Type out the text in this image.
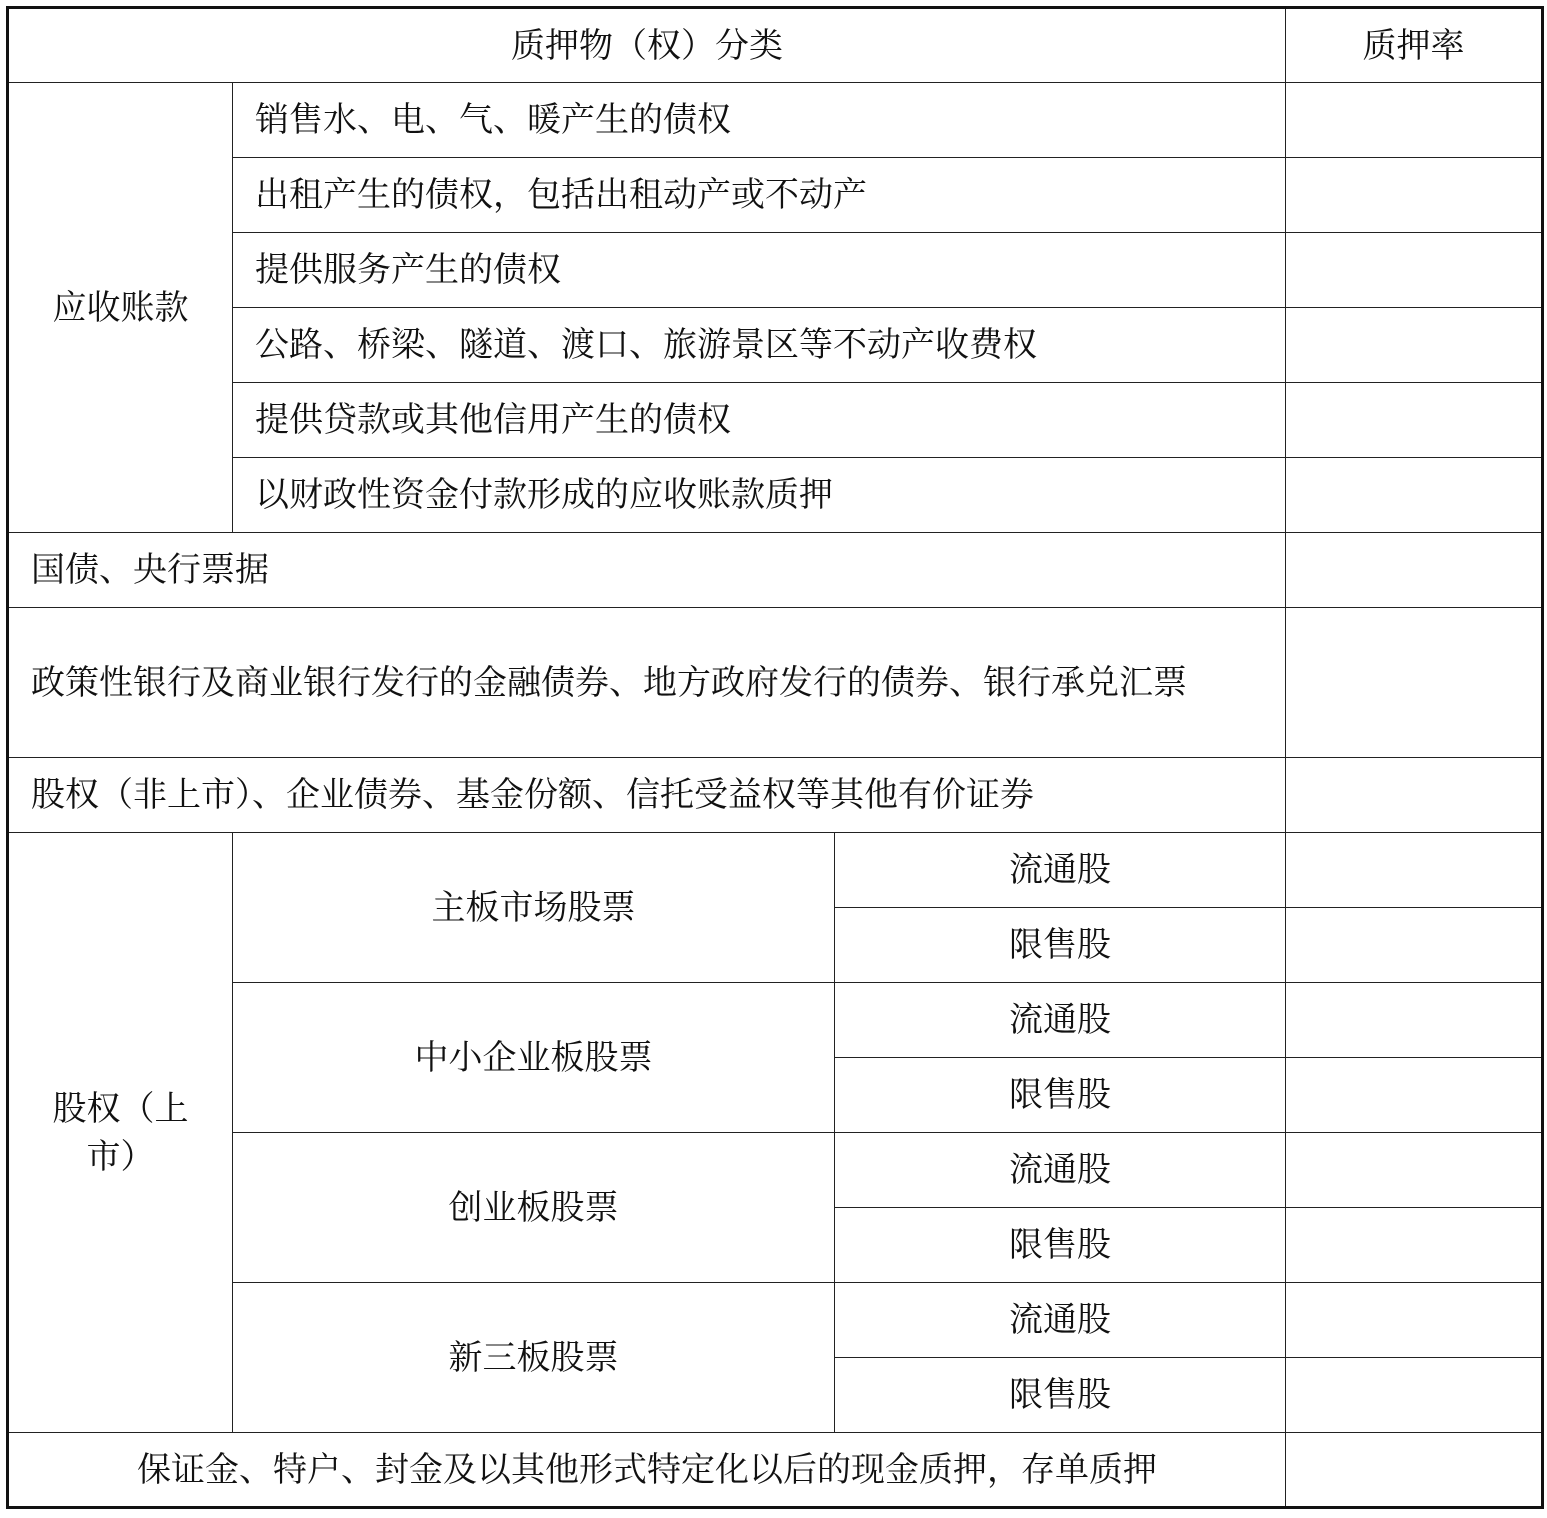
质押物（权）分类			质押率
应收账款	销售水、电、气、暖产生的债权		
	出租产生的债权，包括出租动产或不动产		
	提供服务产生的债权		
	公路、桥梁、隧道、渡口、旅游景区等不动产收费权		
	提供贷款或其他信用产生的债权		
	以财政性资金付款形成的应收账款质押		
国债、央行票据			
政策性银行及商业银行发行的金融债券、地方政府发行的债券、银行承兑汇票			
股权（非上市）、企业债券、基金份额、信托受益权等其他有价证券			
股权（上市）	主板市场股票	流通股	
		限售股	
	中小企业板股票	流通股	
		限售股	
	创业板股票	流通股	
		限售股	
	新三板股票	流通股	
		限售股	
保证金、特户、封金及以其他形式特定化以后的现金质押，存单质押			
